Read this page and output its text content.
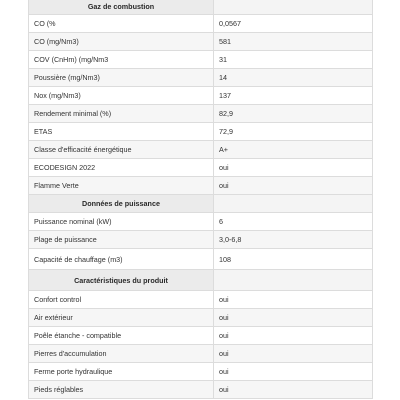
Gaz de combustion	
CO (%	0,0567
CO (mg/Nm3)	581
COV (CnHm) (mg/Nm3	31
Poussière (mg/Nm3)	14
Nox (mg/Nm3)	137
Rendement minimal (%)	82,9
ETAS	72,9
Classe d'efficacité énergétique	A+
ECODESIGN 2022	oui
Flamme Verte	oui
Données de puissance	
Puissance nominal (kW)	6
Plage de puissance	3,0-6,8
Capacité de chauffage (m3)	108
Caractéristiques du produit	
Confort control	oui
Air extérieur	oui
Poêle étanche - compatible	oui
Pierres d'accumulation	oui
Ferme porte hydraulique	oui
Pieds réglables	oui
